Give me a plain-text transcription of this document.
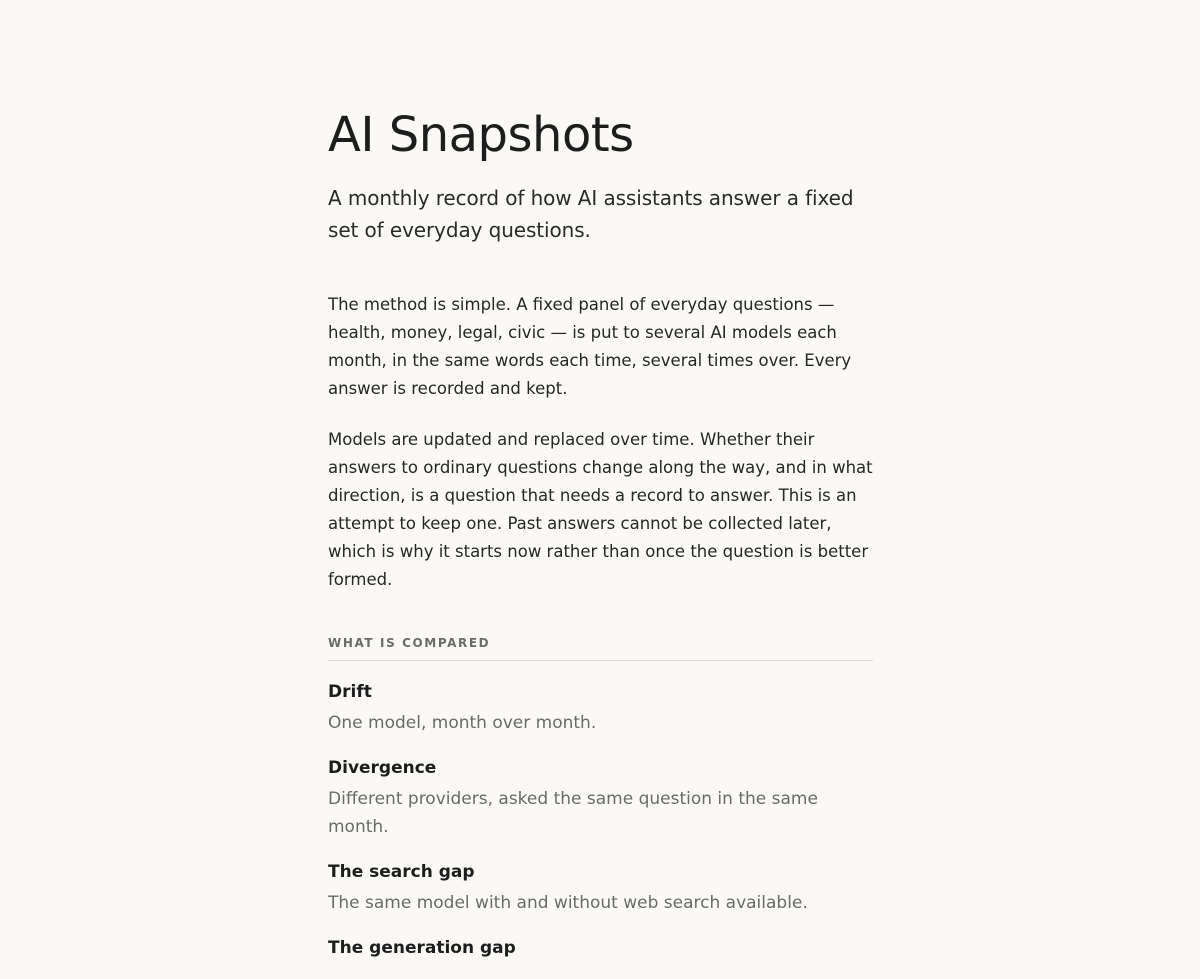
AI Snapshots

A monthly record of how AI assistants answer a fixed set of everyday questions.

The method is simple. A fixed panel of everyday questions — health, money, legal, civic — is put to several AI models each month, in the same words each time, several times over. Every answer is recorded and kept.

Models are updated and replaced over time. Whether their answers to ordinary questions change along the way, and in what direction, is a question that needs a record to answer. This is an attempt to keep one. Past answers cannot be collected later, which is why it starts now rather than once the question is better formed.

WHAT IS COMPARED
Drift
One model, month over month.
Divergence
Different providers, asked the same question in the same month.
The search gap
The same model with and without web search available.
The generation gap
